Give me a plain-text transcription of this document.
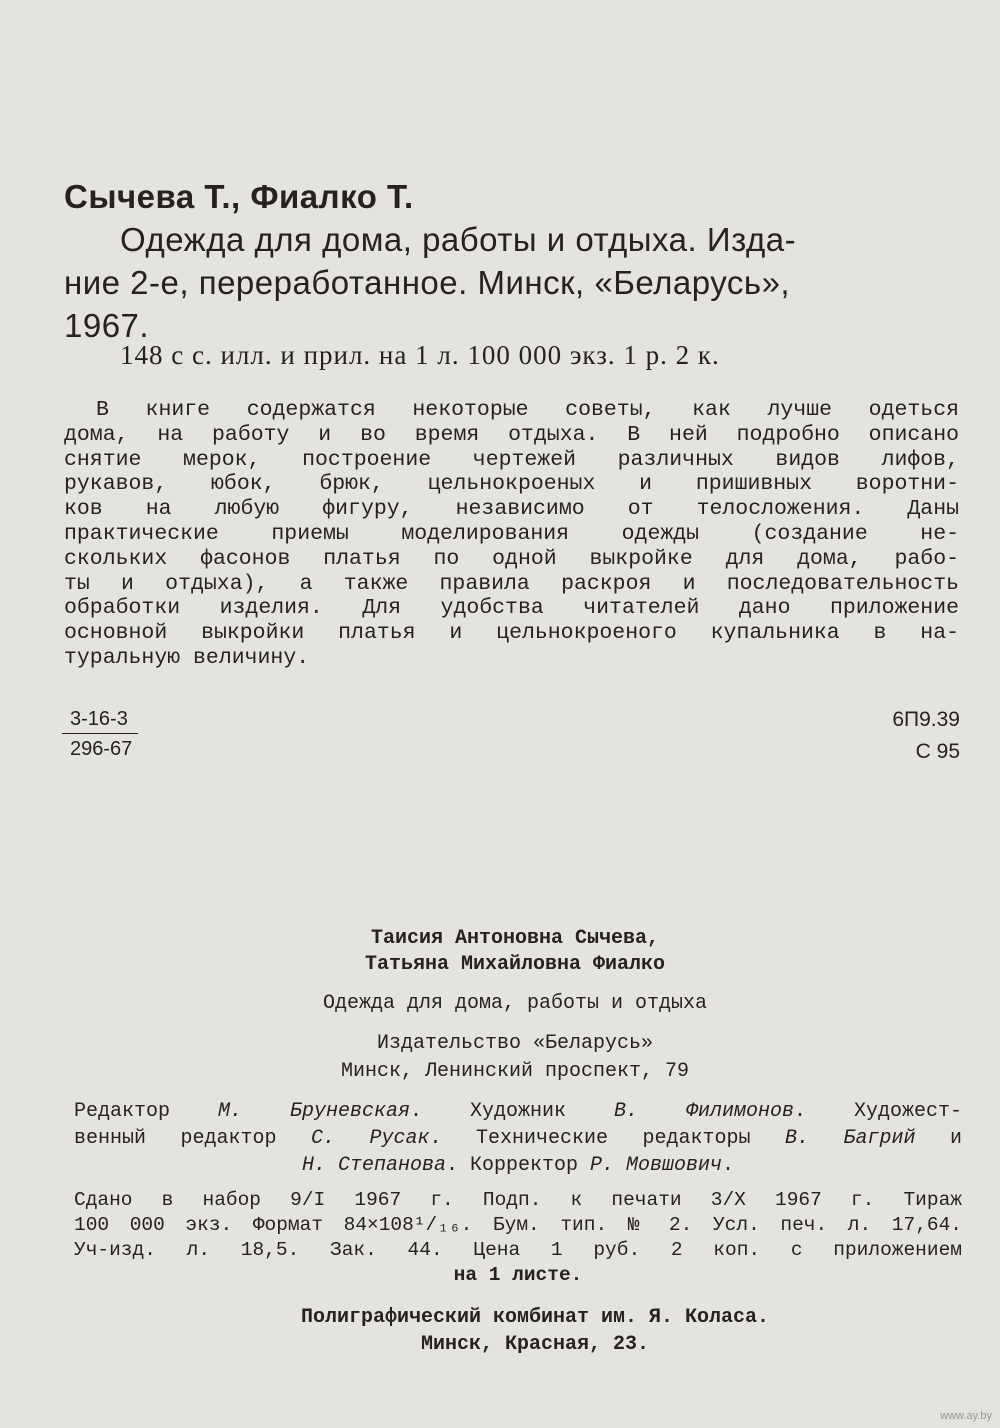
Сычева Т., Фиалко Т.
Одежда для дома, работы и отдыха. Изда-
ние 2-е, переработанное. Минск, «Беларусь»,
1967.
148 с с. илл. и прил. на 1 л. 100 000 экз. 1 р. 2 к.
В книге содержатся некоторые советы, как лучше одеться
дома, на работу и во время отдыха. В ней подробно описано
снятие мерок, построение чертежей различных видов лифов,
рукавов, юбок, брюк, цельнокроеных и пришивных воротни-
ков на любую фигуру, независимо от телосложения. Даны
практические приемы моделирования одежды (создание не-
скольких фасонов платья по одной выкройке для дома, рабо-
ты и отдыха), а также правила раскроя и последовательность
обработки изделия. Для удобства читателей дано приложение
основной выкройки платья и цельнокроеного купальника в на-
туральную величину.
$\frac{3-16-3}{296-67}$	6П9.39
С 95
Таисия Антоновна Сычева,
Татьяна Михайловна Фиалко
Одежда для дома, работы и отдыха
Издательство «Беларусь»
Минск, Ленинский проспект, 79
Редактор М. Бруневская. Художник В. Филимонов. Художест-
венный редактор С. Русак. Технические редакторы В. Багрий и
Н. Степанова. Корректор Р. Мовшович.
Сдано в набор 9/I 1967 г. Подп. к печати 3/X 1967 г. Тираж
100 000 экз. Формат 84×108¹/₁₆. Бум. тип. № 2. Усл. печ. л. 17,64.
Уч-изд. л. 18,5. Зак. 44. Цена 1 руб. 2 коп. с приложением
на 1 листе.
Полиграфический комбинат им. Я. Коласа.
Минск, Красная, 23.
www.ay.by
